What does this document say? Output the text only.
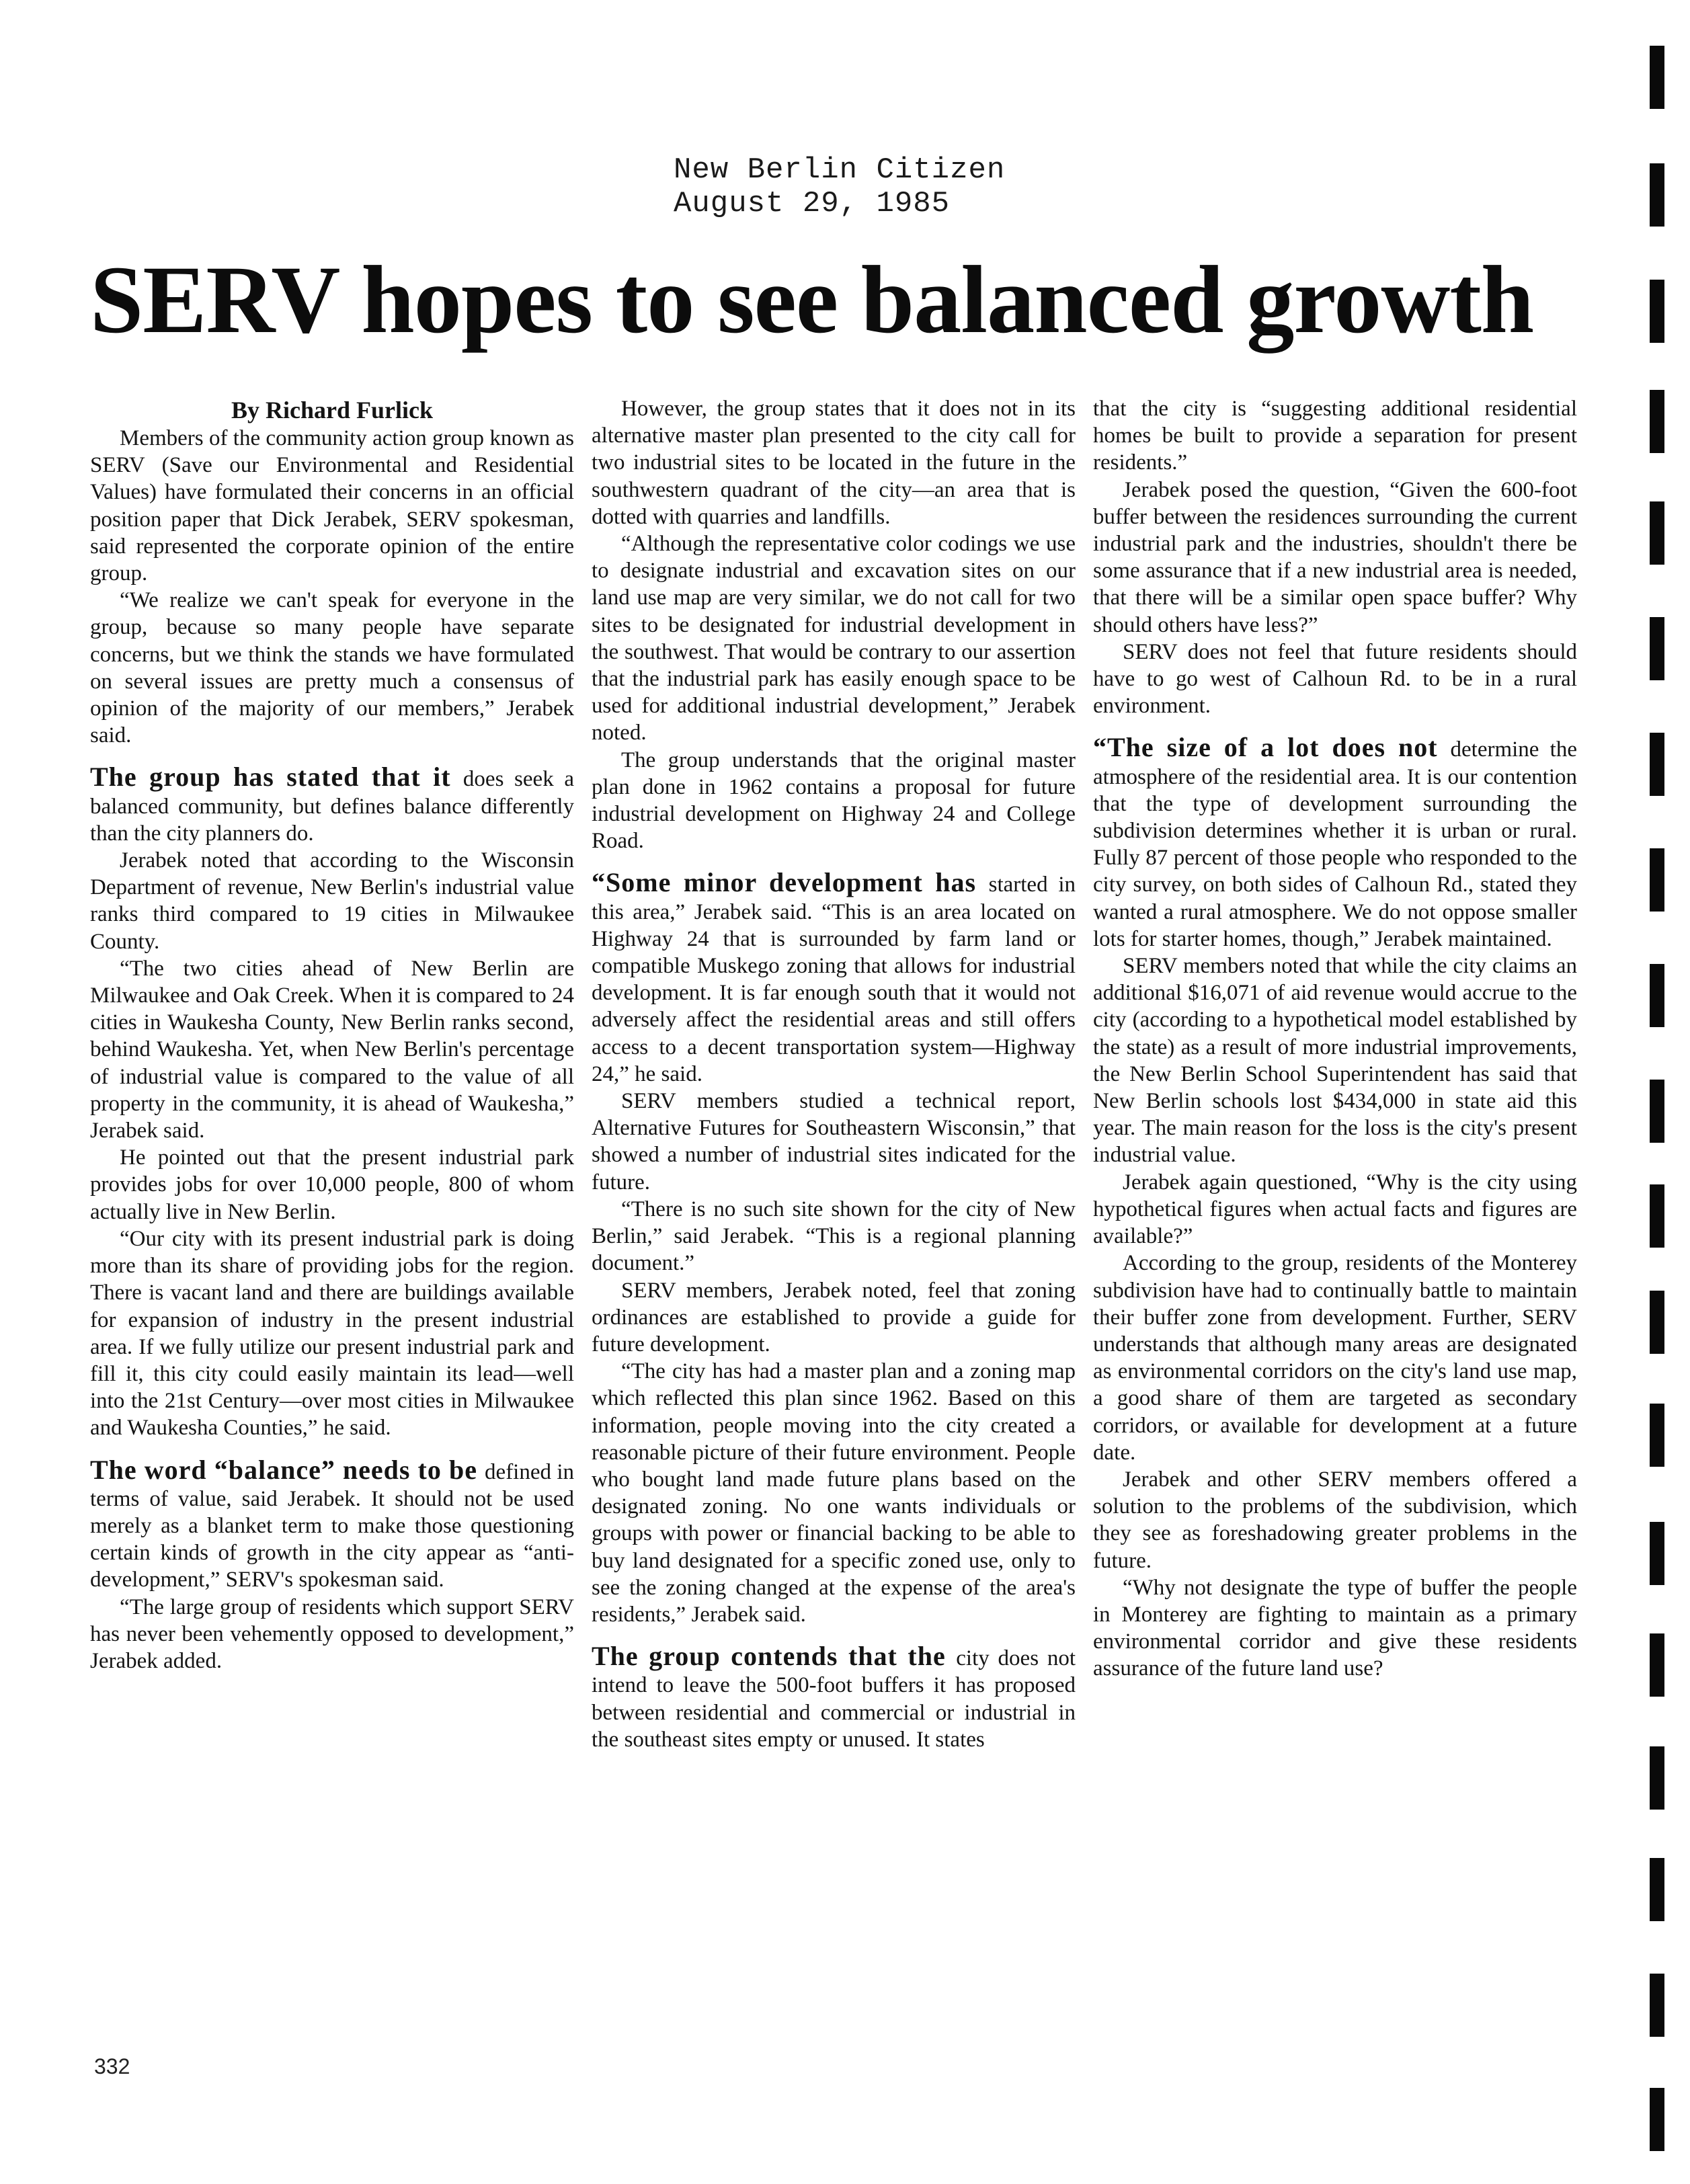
New Berlin Citizen
August 29, 1985
SERV hopes to see balanced growth

By Richard Furlick

Members of the community action group known as SERV (Save our Environmental and Residential Values) have formulated their concerns in an official position paper that Dick Jerabek, SERV spokesman, said represented the corporate opinion of the entire group.

“We realize we can't speak for everyone in the group, because so many people have separate concerns, but we think the stands we have formulated on several issues are pretty much a consensus of opinion of the majority of our members,” Jerabek said.

The group has stated that it does seek a balanced community, but defines balance differently than the city planners do.

Jerabek noted that according to the Wisconsin Department of revenue, New Berlin's industrial value ranks third compared to 19 cities in Milwaukee County.

“The two cities ahead of New Berlin are Milwaukee and Oak Creek. When it is compared to 24 cities in Waukesha County, New Berlin ranks second, behind Waukesha. Yet, when New Berlin's percentage of industrial value is compared to the value of all property in the community, it is ahead of Waukesha,” Jerabek said.

He pointed out that the present industrial park provides jobs for over 10,000 people, 800 of whom actually live in New Berlin.

“Our city with its present industrial park is doing more than its share of providing jobs for the region. There is vacant land and there are buildings available for expansion of industry in the present industrial area. If we fully utilize our present industrial park and fill it, this city could easily maintain its lead—well into the 21st Century—over most cities in Milwaukee and Waukesha Counties,” he said.

The word “balance” needs to be defined in terms of value, said Jerabek. It should not be used merely as a blanket term to make those questioning certain kinds of growth in the city appear as “anti-development,” SERV's spokesman said.

“The large group of residents which support SERV has never been vehemently opposed to development,” Jerabek added.

However, the group states that it does not in its alternative master plan presented to the city call for two industrial sites to be located in the future in the southwestern quadrant of the city—an area that is dotted with quarries and landfills.

“Although the representative color codings we use to designate industrial and excavation sites on our land use map are very similar, we do not call for two sites to be designated for industrial development in the southwest. That would be contrary to our assertion that the industrial park has easily enough space to be used for additional industrial development,” Jerabek noted.

The group understands that the original master plan done in 1962 contains a proposal for future industrial development on Highway 24 and College Road.

“Some minor development has started in this area,” Jerabek said. “This is an area located on Highway 24 that is surrounded by farm land or compatible Muskego zoning that allows for industrial development. It is far enough south that it would not adversely affect the residential areas and still offers access to a decent transportation system—Highway 24,” he said.

SERV members studied a technical report, Alternative Futures for Southeastern Wisconsin,” that showed a number of industrial sites indicated for the future.

“There is no such site shown for the city of New Berlin,” said Jerabek. “This is a regional planning document.”

SERV members, Jerabek noted, feel that zoning ordinances are established to provide a guide for future development.

“The city has had a master plan and a zoning map which reflected this plan since 1962. Based on this information, people moving into the city created a reasonable picture of their future environment. People who bought land made future plans based on the designated zoning. No one wants individuals or groups with power or financial backing to be able to buy land designated for a specific zoned use, only to see the zoning changed at the expense of the area's residents,” Jerabek said.

The group contends that the city does not intend to leave the 500-foot buffers it has proposed between residential and commercial or industrial in the southeast sites empty or unused. It states

that the city is “suggesting additional residential homes be built to provide a separation for present residents.”

Jerabek posed the question, “Given the 600-foot buffer between the residences surrounding the current industrial park and the industries, shouldn't there be some assurance that if a new industrial area is needed, that there will be a similar open space buffer? Why should others have less?”

SERV does not feel that future residents should have to go west of Calhoun Rd. to be in a rural environment.

“The size of a lot does not determine the atmosphere of the residential area. It is our contention that the type of development surrounding the subdivision determines whether it is urban or rural. Fully 87 percent of those people who responded to the city survey, on both sides of Calhoun Rd., stated they wanted a rural atmosphere. We do not oppose smaller lots for starter homes, though,” Jerabek maintained.

SERV members noted that while the city claims an additional $16,071 of aid revenue would accrue to the city (according to a hypothetical model established by the state) as a result of more industrial improvements, the New Berlin School Superintendent has said that New Berlin schools lost $434,000 in state aid this year. The main reason for the loss is the city's present industrial value.

Jerabek again questioned, “Why is the city using hypothetical figures when actual facts and figures are available?”

According to the group, residents of the Monterey subdivision have had to continually battle to maintain their buffer zone from development. Further, SERV understands that although many areas are designated as environmental corridors on the city's land use map, a good share of them are targeted as secondary corridors, or available for development at a future date.

Jerabek and other SERV members offered a solution to the problems of the subdivision, which they see as foreshadowing greater problems in the future.

“Why not designate the type of buffer the people in Monterey are fighting to maintain as a primary environmental corridor and give these residents assurance of the future land use?

332
